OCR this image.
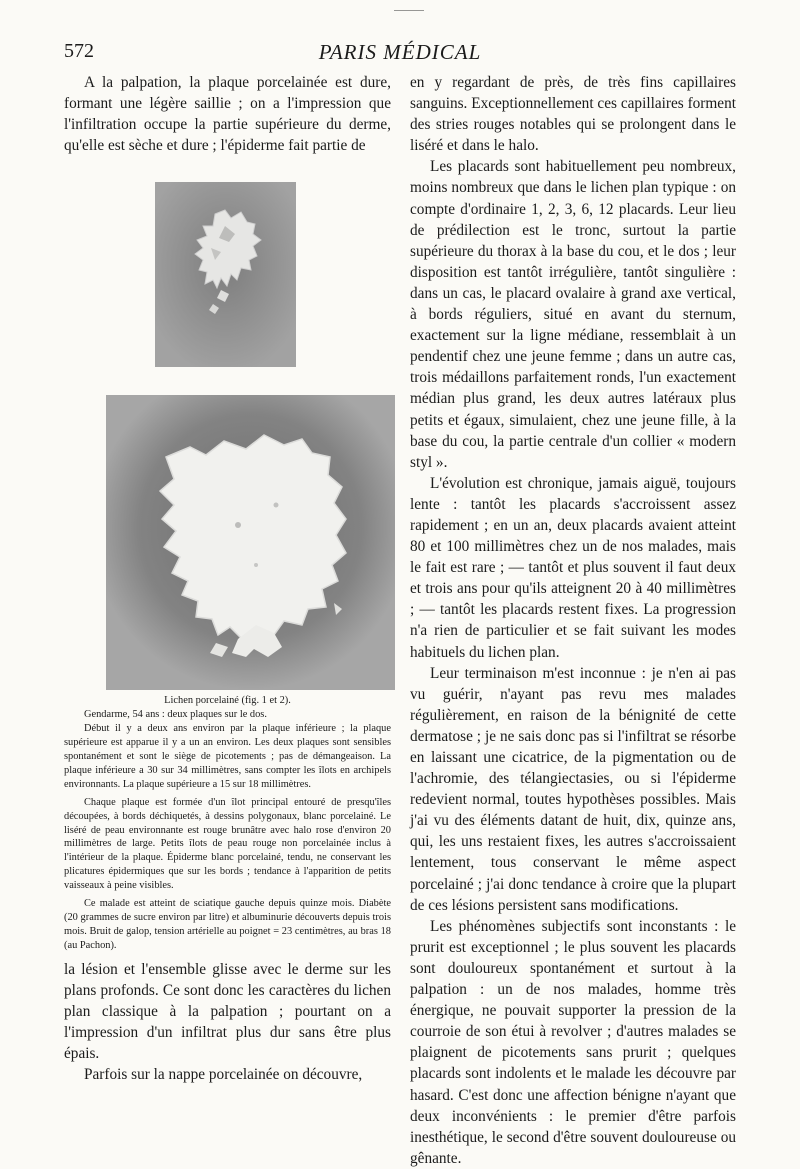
572	PARIS MÉDICAL

A la palpation, la plaque porcelainée est dure, formant une légère saillie ; on a l'impression que l'infiltration occupe la partie supérieure du derme, qu'elle est sèche et dure ; l'épiderme fait partie de

Lichen porcelainé (fig. 1 et 2).

Gendarme, 54 ans : deux plaques sur le dos.

Début il y a deux ans environ par la plaque inférieure ; la plaque supérieure est apparue il y a un an environ. Les deux plaques sont sensibles spontanément et sont le siège de picotements ; pas de démangeaison. La plaque inférieure a 30 sur 34 millimètres, sans compter les îlots en archipels environnants. La plaque supérieure a 15 sur 18 millimètres.

Chaque plaque est formée d'un îlot principal entouré de presqu'îles découpées, à bords déchiquetés, à dessins polygonaux, blanc porcelainé. Le liséré de peau environnante est rouge brunâtre avec halo rose d'environ 20 millimètres de large. Petits îlots de peau rouge non porcelainée inclus à l'intérieur de la plaque. Épiderme blanc porcelainé, tendu, ne conservant les plicatures épidermiques que sur les bords ; tendance à l'apparition de petits vaisseaux à peine visibles.

Ce malade est atteint de sciatique gauche depuis quinze mois. Diabète (20 grammes de sucre environ par litre) et albuminurie découverts depuis trois mois. Bruit de galop, tension artérielle au poignet = 23 centimètres, au bras 18 (au Pachon).

la lésion et l'ensemble glisse avec le derme sur les plans profonds. Ce sont donc les caractères du lichen plan classique à la palpation ; pourtant on a l'impression d'un infiltrat plus dur sans être plus épais.

Parfois sur la nappe porcelainée on découvre,

en y regardant de près, de très fins capillaires sanguins. Exceptionnellement ces capillaires forment des stries rouges notables qui se prolongent dans le liséré et dans le halo.

Les placards sont habituellement peu nombreux, moins nombreux que dans le lichen plan typique : on compte d'ordinaire 1, 2, 3, 6, 12 placards. Leur lieu de prédilection est le tronc, surtout la partie supérieure du thorax à la base du cou, et le dos ; leur disposition est tantôt irrégulière, tantôt singulière : dans un cas, le placard ovalaire à grand axe vertical, à bords réguliers, situé en avant du sternum, exactement sur la ligne médiane, ressemblait à un pendentif chez une jeune femme ; dans un autre cas, trois médaillons parfaitement ronds, l'un exactement médian plus grand, les deux autres latéraux plus petits et égaux, simulaient, chez une jeune fille, à la base du cou, la partie centrale d'un collier « modern styl ».

L'évolution est chronique, jamais aiguë, toujours lente : tantôt les placards s'accroissent assez rapidement ; en un an, deux placards avaient atteint 80 et 100 millimètres chez un de nos malades, mais le fait est rare ; — tantôt et plus souvent il faut deux et trois ans pour qu'ils atteignent 20 à 40 millimètres ; — tantôt les placards restent fixes. La progression n'a rien de particulier et se fait suivant les modes habituels du lichen plan.

Leur terminaison m'est inconnue : je n'en ai pas vu guérir, n'ayant pas revu mes malades régulièrement, en raison de la bénignité de cette dermatose ; je ne sais donc pas si l'infiltrat se résorbe en laissant une cicatrice, de la pigmentation ou de l'achromie, des télangiectasies, ou si l'épiderme redevient normal, toutes hypothèses possibles. Mais j'ai vu des éléments datant de huit, dix, quinze ans, qui, les uns restaient fixes, les autres s'accroissaient lentement, tous conservant le même aspect porcelainé ; j'ai donc tendance à croire que la plupart de ces lésions persistent sans modifications.

Les phénomènes subjectifs sont inconstants : le prurit est exceptionnel ; le plus souvent les placards sont douloureux spontanément et surtout à la palpation : un de nos malades, homme très énergique, ne pouvait supporter la pression de la courroie de son étui à revolver ; d'autres malades se plaignent de picotements sans prurit ; quelques placards sont indolents et le malade les découvre par hasard. C'est donc une affection bénigne n'ayant que deux inconvénients : le premier d'être parfois inesthétique, le second d'être souvent douloureuse ou gênante.
